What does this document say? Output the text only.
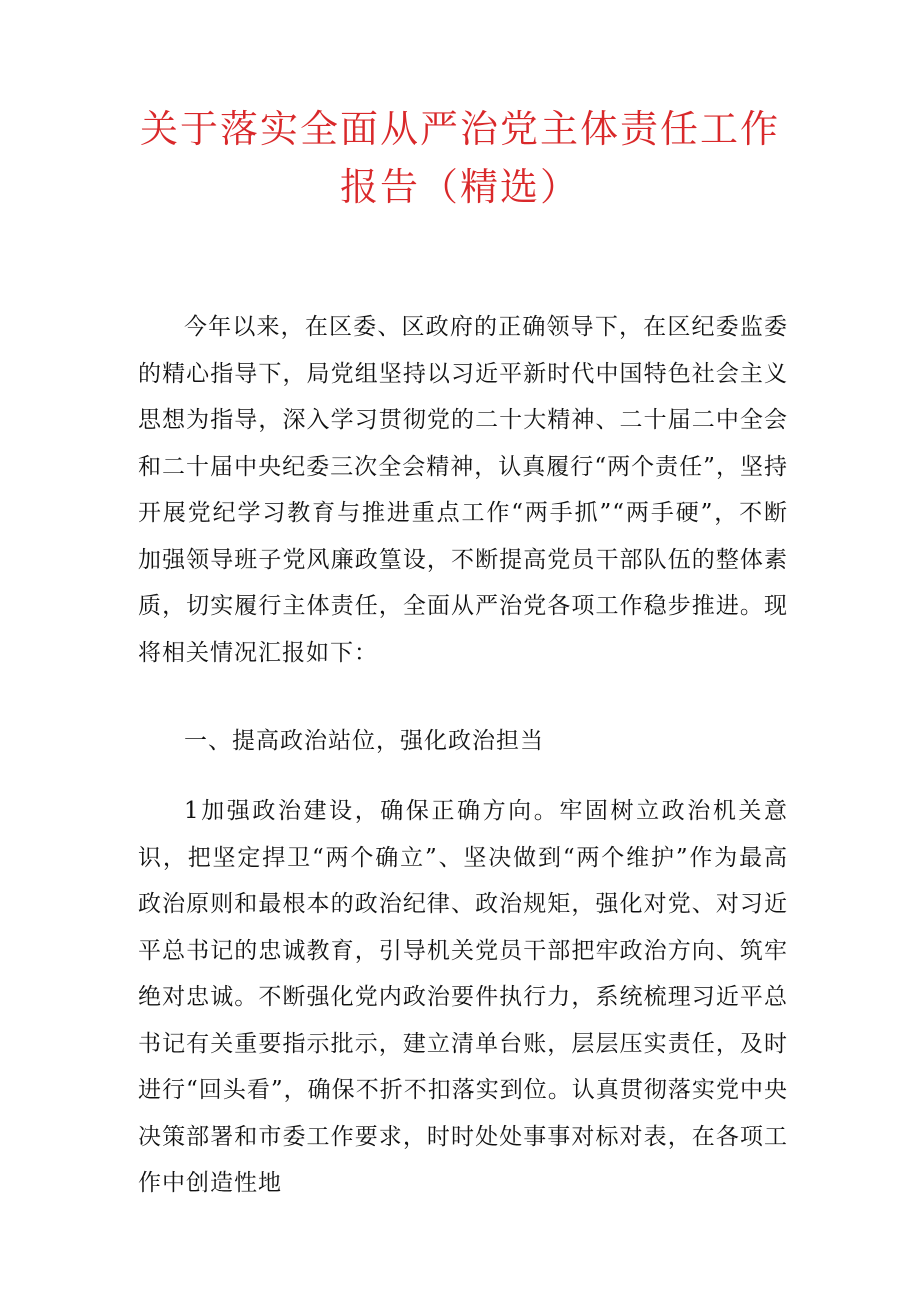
关于落实全面从严治党主体责任工作
报告（精选）

今年以来，在区委、区政府的正确领导下，在区纪委监委的精心指导下，局党组坚持以习近平新时代中国特色社会主义思想为指导，深入学习贯彻党的二十大精神、二十届二中全会和二十届中央纪委三次全会精神，认真履行“两个责任”，坚持开展党纪学习教育与推进重点工作“两手抓”“两手硬”，不断加强领导班子党风廉政篁设，不断提高党员干部队伍的整体素质，切实履行主体责任，全面从严治党各项工作稳步推进。现将相关情况汇报如下：

一、提高政治站位，强化政治担当

1加强政治建设，确保正确方向。牢固树立政治机关意识，把坚定捍卫“两个确立”、坚决做到“两个维护”作为最高政治原则和最根本的政治纪律、政治规矩，强化对党、对习近平总书记的忠诚教育，引导机关党员干部把牢政治方向、筑牢绝对忠诚。不断强化党内政治要件执行力，系统梳理习近平总书记有关重要指示批示，建立清单台账，层层压实责任，及时进行“回头看”，确保不折不扣落实到位。认真贯彻落实党中央决策部署和市委工作要求，时时处处事事对标对表，在各项工作中创造性地
